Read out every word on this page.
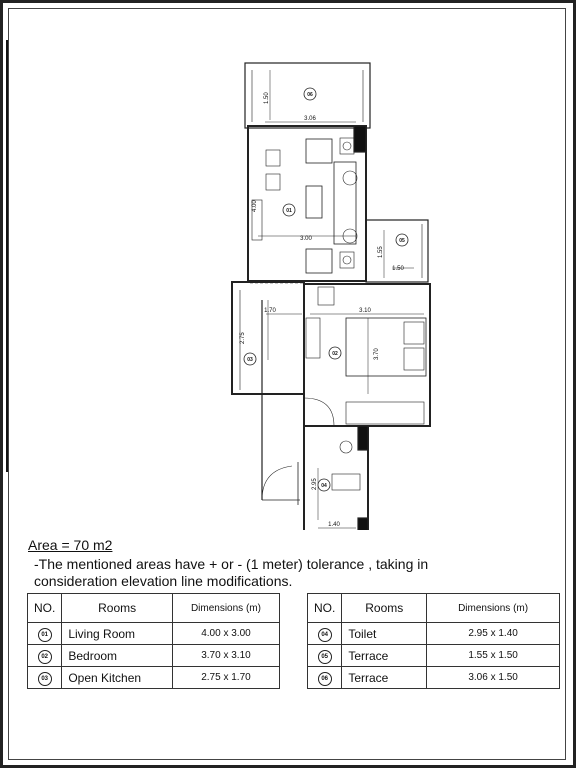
06
01
05
02
03
04
1.50
3.06
4.00
3.00
1.55
1.50
1.70
2.75
3.10
3.70
2.95
1.40
Area = 70 m2
-The mentioned areas have + or - (1 meter) tolerance , taking in consideration elevation line modifications.
NO.	Rooms	Dimensions (m)
01	Living Room	4.00 x 3.00
02	Bedroom	3.70 x 3.10
03	Open Kitchen	2.75 x 1.70
NO.	Rooms	Dimensions (m)
04	Toilet	2.95 x 1.40
05	Terrace	1.55 x 1.50
06	Terrace	3.06 x 1.50
